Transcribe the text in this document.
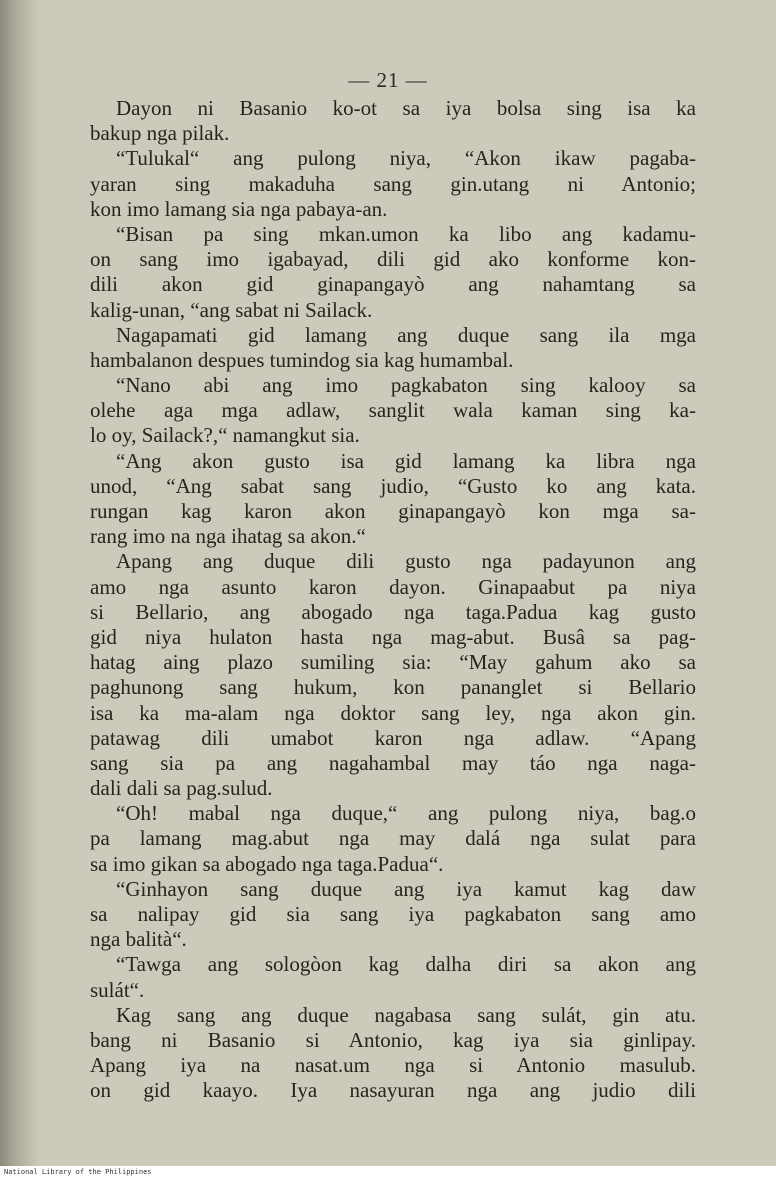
— 21 —
Dayon ni Basanio ko-ot sa iya bolsa sing isa ka
bakup nga pilak.
“Tulukal“ ang pulong niya, “Akon ikaw pagaba-
yaran sing makaduha sang gin.utang ni Antonio;
kon imo lamang sia nga pabaya-an.
“Bisan pa sing mkan.umon ka libo ang kadamu-
on sang imo igabayad, dili gid ako konforme kon-
dili akon gid ginapangayò ang nahamtang sa
kalig-unan, “ang sabat ni Sailack.
Nagapamati gid lamang ang duque sang ila mga
hambalanon despues tumindog sia kag humambal.
“Nano abi ang imo pagkabaton sing kalooy sa
olehe aga mga adlaw, sanglit wala kaman sing ka-
lo oy, Sailack?,“ namangkut sia.
“Ang akon gusto isa gid lamang ka libra nga
unod, “Ang sabat sang judio, “Gusto ko ang kata.
rungan kag karon akon ginapangayò kon mga sa-
rang imo na nga ihatag sa akon.“
Apang ang duque dili gusto nga padayunon ang
amo nga asunto karon dayon. Ginapaabut pa niya
si Bellario, ang abogado nga taga.Padua kag gusto
gid niya hulaton hasta nga mag-abut. Busâ sa pag-
hatag aing plazo sumiling sia: “May gahum ako sa
paghunong sang hukum, kon pananglet si Bellario
isa ka ma-alam nga doktor sang ley, nga akon gin.
patawag dili umabot karon nga adlaw. “Apang
sang sia pa ang nagahambal may táo nga naga-
dali dali sa pag.sulud.
“Oh! mabal nga duque,“ ang pulong niya, bag.o
pa lamang mag.abut nga may dalá nga sulat para
sa imo gikan sa abogado nga taga.Padua“.
“Ginhayon sang duque ang iya kamut kag daw
sa nalipay gid sia sang iya pagkabaton sang amo
nga balità“.
“Tawga ang sologòon kag dalha diri sa akon ang
sulát“.
Kag sang ang duque nagabasa sang sulát, gin atu.
bang ni Basanio si Antonio, kag iya sia ginlipay.
Apang iya na nasat.um nga si Antonio masulub.
on gid kaayo. Iya nasayuran nga ang judio dili
National Library of the Philippines
